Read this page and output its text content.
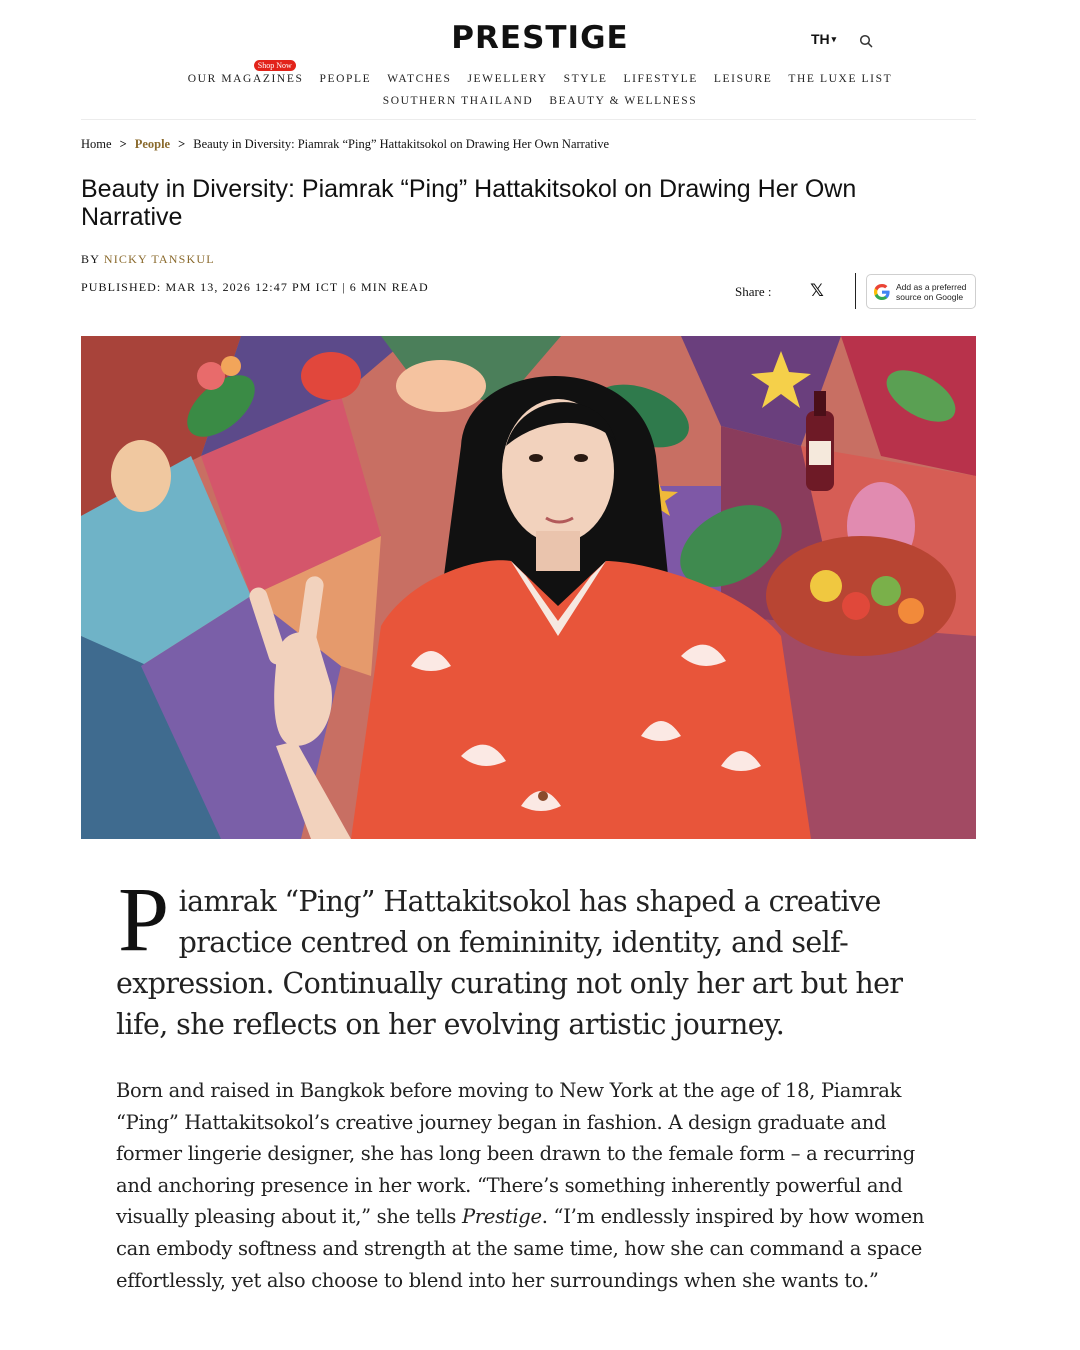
PRESTIGE	TH ▾
OUR MAGAZINES
Shop Now
PEOPLE WATCHES JEWELLERY STYLE LIFESTYLE LEISURE THE LUXE LIST
SOUTHERN THAILAND BEAUTY & WELLNESS
Home > People > Beauty in Diversity: Piamrak “Ping” Hattakitsokol on Drawing Her Own Narrative
Beauty in Diversity: Piamrak “Ping” Hattakitsokol on Drawing Her Own Narrative
BY NICKY TANSKUL
PUBLISHED: MAR 13, 2026 12:47 PM ICT | 6 MIN READ	Share : 𝕏	Add as a preferred
source on Google

Piamrak “Ping” Hattakitsokol has shaped a creative practice centred on femininity, identity, and self-expression. Continually curating not only her art but her life, she reflects on her evolving artistic journey.

Born and raised in Bangkok before moving to New York at the age of 18, Piamrak “Ping” Hattakitsokol’s creative journey began in fashion. A design graduate and former lingerie designer, she has long been drawn to the female form – a recurring and anchoring presence in her work. “There’s something inherently powerful and visually pleasing about it,” she tells Prestige. “I’m endlessly inspired by how women can embody softness and strength at the same time, how she can command a space effortlessly, yet also choose to blend into her surroundings when she wants to.”
